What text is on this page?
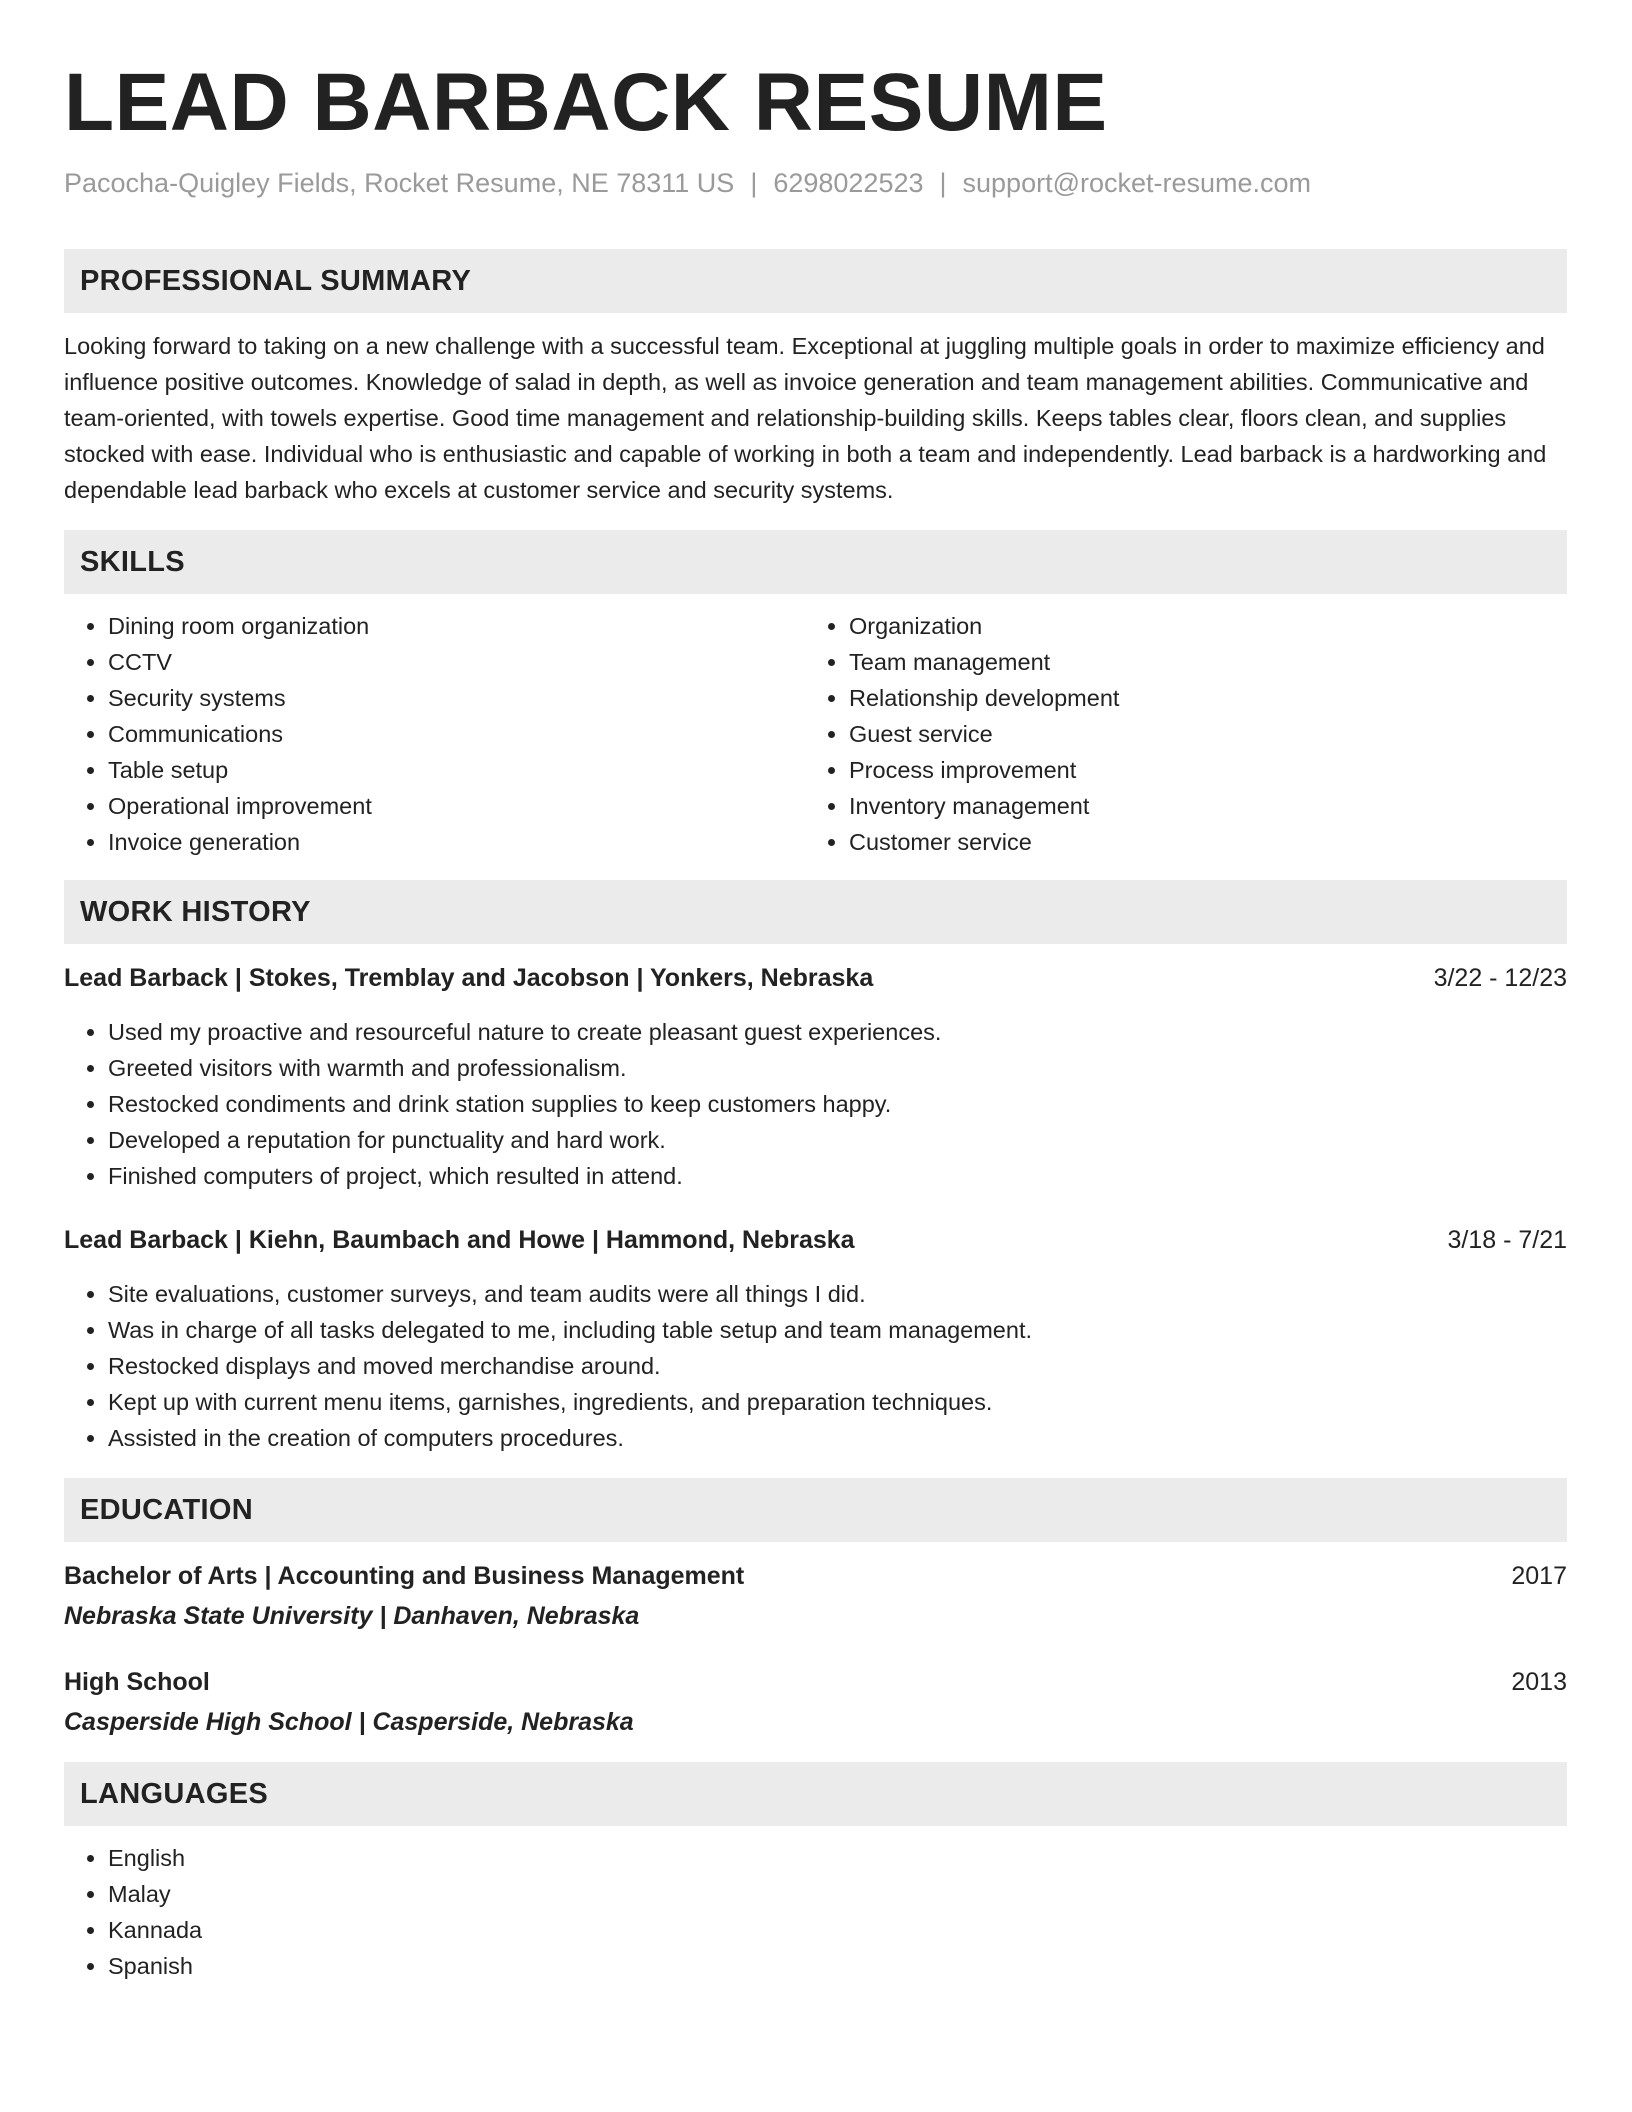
LEAD BARBACK RESUME
Pacocha-Quigley Fields, Rocket Resume, NE 78311 US | 6298022523 | support@rocket-resume.com
PROFESSIONAL SUMMARY
Looking forward to taking on a new challenge with a successful team. Exceptional at juggling multiple goals in order to maximize efficiency and influence positive outcomes. Knowledge of salad in depth, as well as invoice generation and team management abilities. Communicative and team-oriented, with towels expertise. Good time management and relationship-building skills. Keeps tables clear, floors clean, and supplies stocked with ease. Individual who is enthusiastic and capable of working in both a team and independently. Lead barback is a hardworking and dependable lead barback who excels at customer service and security systems.
SKILLS
• Dining room organization
• CCTV
• Security systems
• Communications
• Table setup
• Operational improvement
• Invoice generation
• Organization
• Team management
• Relationship development
• Guest service
• Process improvement
• Inventory management
• Customer service
WORK HISTORY
Lead Barback | Stokes, Tremblay and Jacobson | Yonkers, Nebraska	3/22 - 12/23
• Used my proactive and resourceful nature to create pleasant guest experiences.
• Greeted visitors with warmth and professionalism.
• Restocked condiments and drink station supplies to keep customers happy.
• Developed a reputation for punctuality and hard work.
• Finished computers of project, which resulted in attend.
Lead Barback | Kiehn, Baumbach and Howe | Hammond, Nebraska	3/18 - 7/21
• Site evaluations, customer surveys, and team audits were all things I did.
• Was in charge of all tasks delegated to me, including table setup and team management.
• Restocked displays and moved merchandise around.
• Kept up with current menu items, garnishes, ingredients, and preparation techniques.
• Assisted in the creation of computers procedures.
EDUCATION
Bachelor of Arts | Accounting and Business Management	2017
Nebraska State University | Danhaven, Nebraska
High School	2013
Casperside High School | Casperside, Nebraska
LANGUAGES
• English
• Malay
• Kannada
• Spanish
